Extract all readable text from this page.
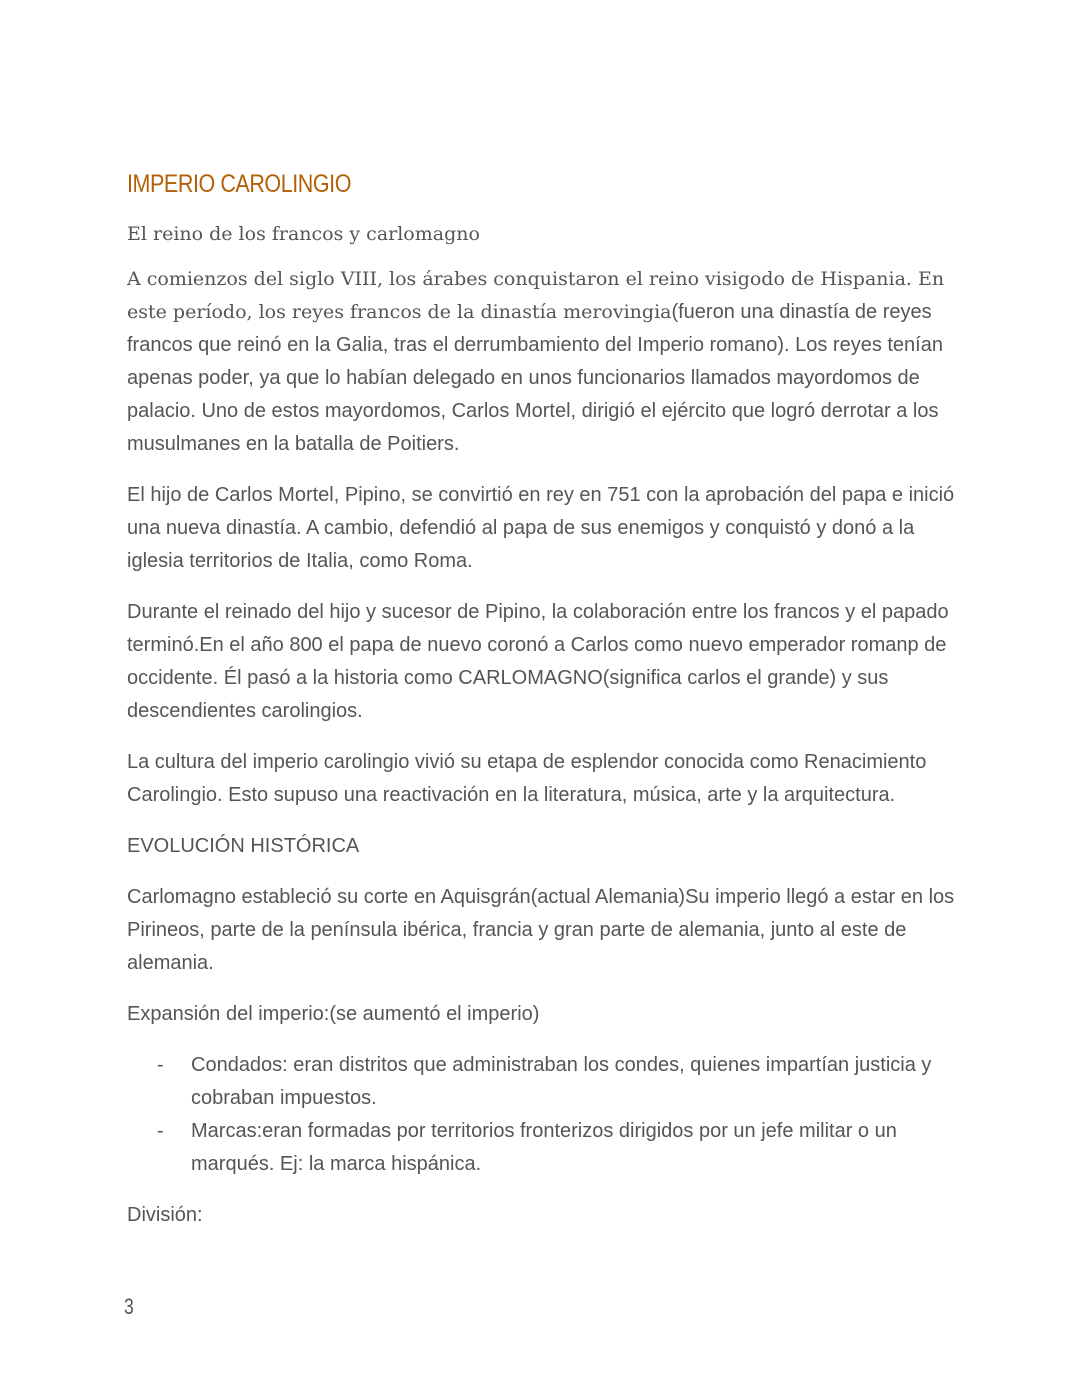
IMPERIO CAROLINGIO
El reino de los francos y carlomagno

A comienzos del siglo VIII, los árabes conquistaron el reino visigodo de Hispania. En este período, los reyes francos de la dinastía merovingia(fueron una dinastía de reyes francos que reinó en la Galia, tras el derrumbamiento del Imperio romano). Los reyes tenían apenas poder, ya que lo habían delegado en unos funcionarios llamados mayordomos de palacio. Uno de estos mayordomos, Carlos Mortel, dirigió el ejército que logró derrotar a los musulmanes en la batalla de Poitiers.

El hijo de Carlos Mortel, Pipino, se convirtió en rey en 751 con la aprobación del papa e inició una nueva dinastía. A cambio, defendió al papa de sus enemigos y conquistó y donó a la iglesia territorios de Italia, como Roma.

Durante el reinado del hijo y sucesor de Pipino, la colaboración entre los francos y el papado terminó.En el año 800 el papa de nuevo coronó a Carlos como nuevo emperador romanp de occidente. Él pasó a la historia como CARLOMAGNO(significa carlos el grande) y sus descendientes carolingios.

La cultura del imperio carolingio vivió su etapa de esplendor conocida como Renacimiento Carolingio. Esto supuso una reactivación en la literatura, música, arte y la arquitectura.

EVOLUCIÓN HISTÓRICA

Carlomagno estableció su corte en Aquisgrán(actual Alemania)Su imperio llegó a estar en los Pirineos, parte de la península ibérica, francia y gran parte de alemania, junto al este de alemania.

Expansión del imperio:(se aumentó el imperio)

- Condados: eran distritos que administraban los condes, quienes impartían justicia y cobraban impuestos.
- Marcas:eran formadas por territorios fronterizos dirigidos por un jefe militar o un marqués. Ej: la marca hispánica.

División:

3
